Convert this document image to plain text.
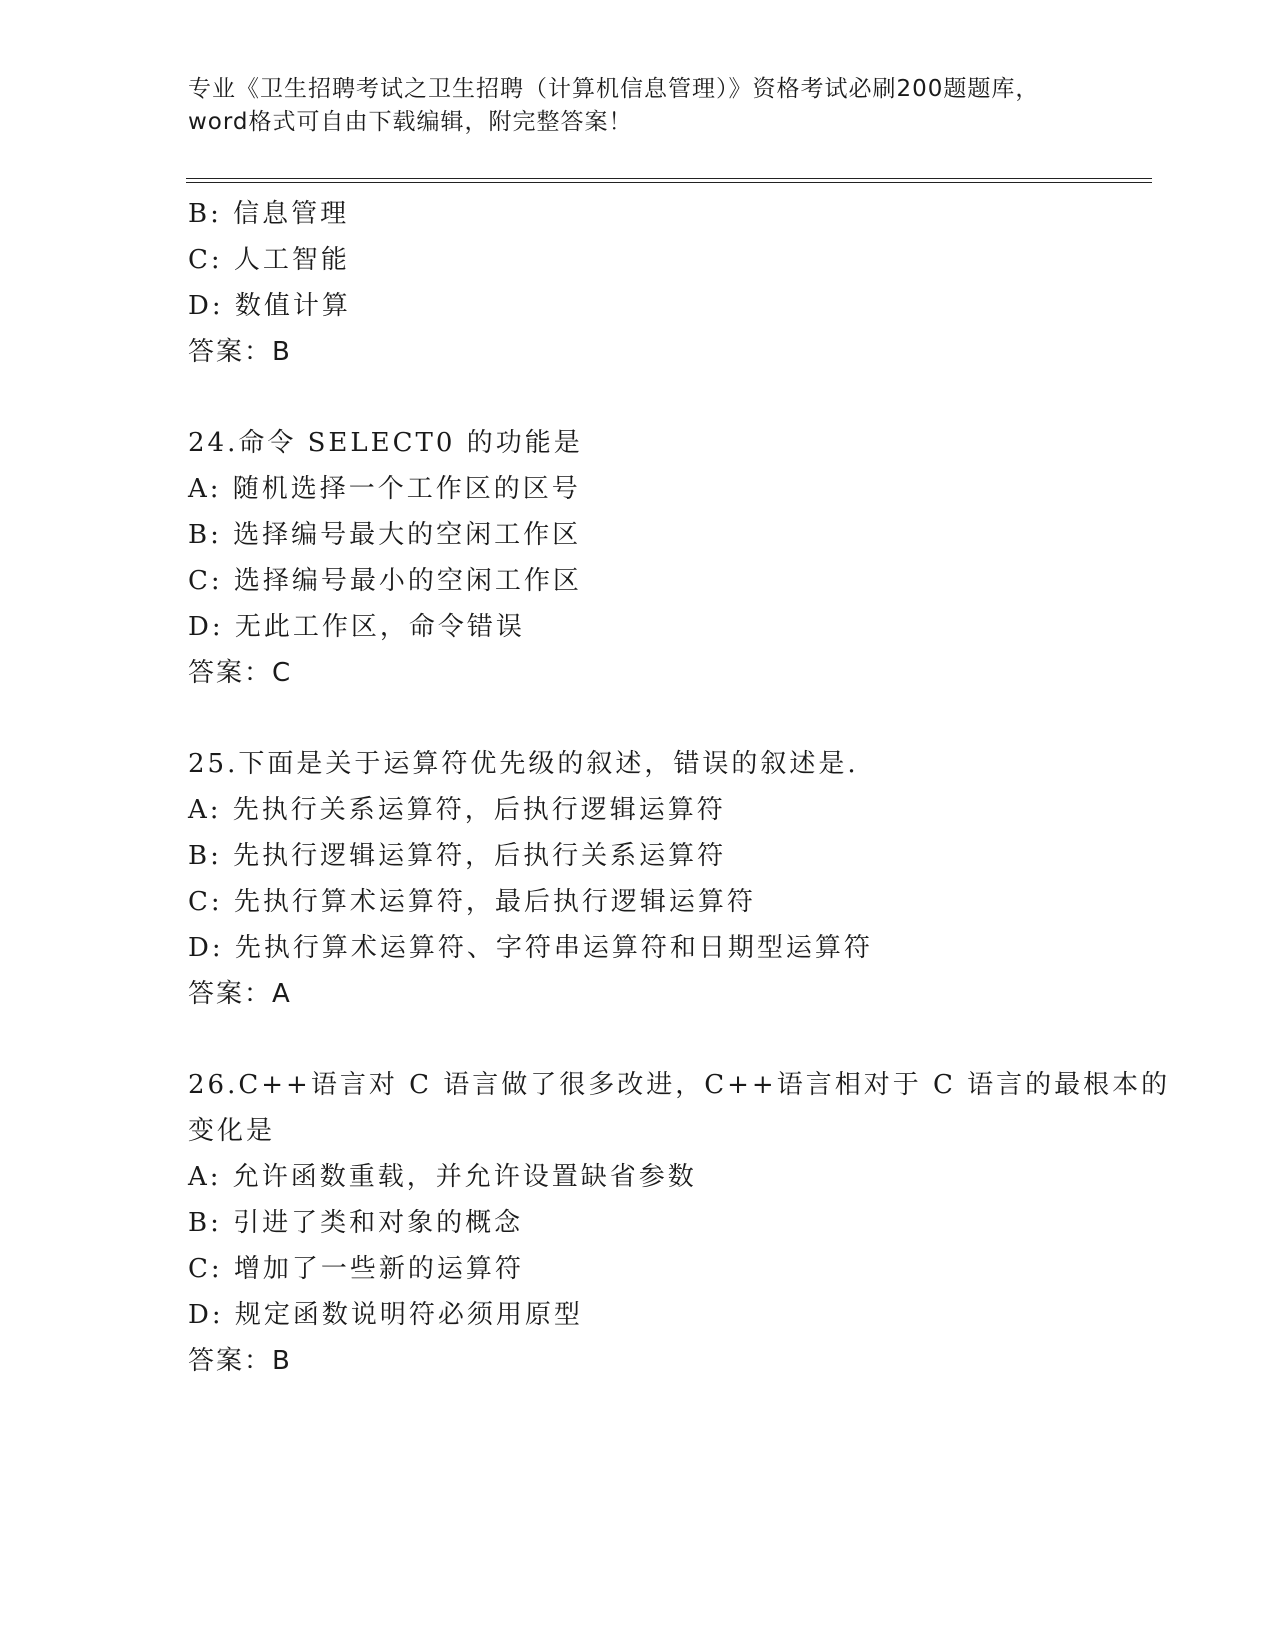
专业《卫生招聘考试之卫生招聘（计算机信息管理）》资格考试必刷200题题库，
word格式可自由下载编辑，附完整答案！
B: 信息管理
C: 人工智能
D: 数值计算
答案：B
24.命令 SELECT0 的功能是
A: 随机选择一个工作区的区号
B: 选择编号最大的空闲工作区
C: 选择编号最小的空闲工作区
D: 无此工作区，命令错误
答案：C
25.下面是关于运算符优先级的叙述，错误的叙述是.
A: 先执行关系运算符，后执行逻辑运算符
B: 先执行逻辑运算符，后执行关系运算符
C: 先执行算术运算符，最后执行逻辑运算符
D: 先执行算术运算符、字符串运算符和日期型运算符
答案：A
26.C++语言对 C 语言做了很多改进，C++语言相对于 C 语言的最根本的
变化是
A: 允许函数重载，并允许设置缺省参数
B: 引进了类和对象的概念
C: 增加了一些新的运算符
D: 规定函数说明符必须用原型
答案：B
